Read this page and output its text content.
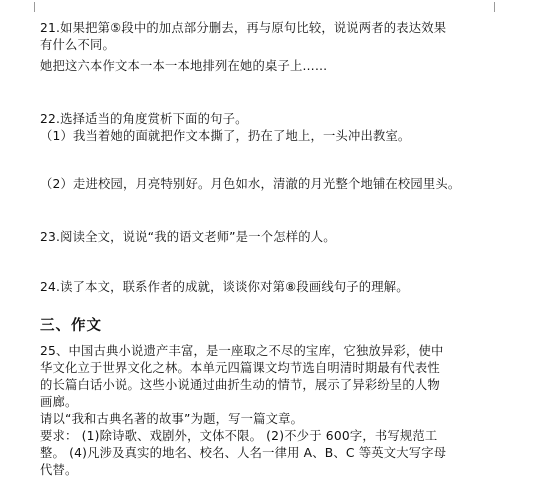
21.如果把第⑤段中的加点部分删去，再与原句比较，说说两者的表达效果
有什么不同。
她把这六本作文本一本一本地排列在她的桌子上……
22.选择适当的角度赏析下面的句子。
（1）我当着她的面就把作文本撕了，扔在了地上，一头冲出教室。
（2）走进校园，月亮特别好。月色如水，清澈的月光整个地铺在校园里头。
23.阅读全文，说说“我的语文老师”是一个怎样的人。
24.读了本文，联系作者的成就，谈谈你对第⑧段画线句子的理解。
三、作文
25、中国古典小说遗产丰富，是一座取之不尽的宝库，它独放异彩，使中
华文化立于世界文化之林。本单元四篇课文均节选自明清时期最有代表性
的长篇白话小说。这些小说通过曲折生动的情节，展示了异彩纷呈的人物
画廊。
请以“我和古典名著的故事”为题，写一篇文章。
要求： (1)除诗歌、戏剧外，文体不限。 (2)不少于 600字，书写规范工
整。 (4)凡涉及真实的地名、校名、人名一律用 A、B、C 等英文大写字母
代替。
